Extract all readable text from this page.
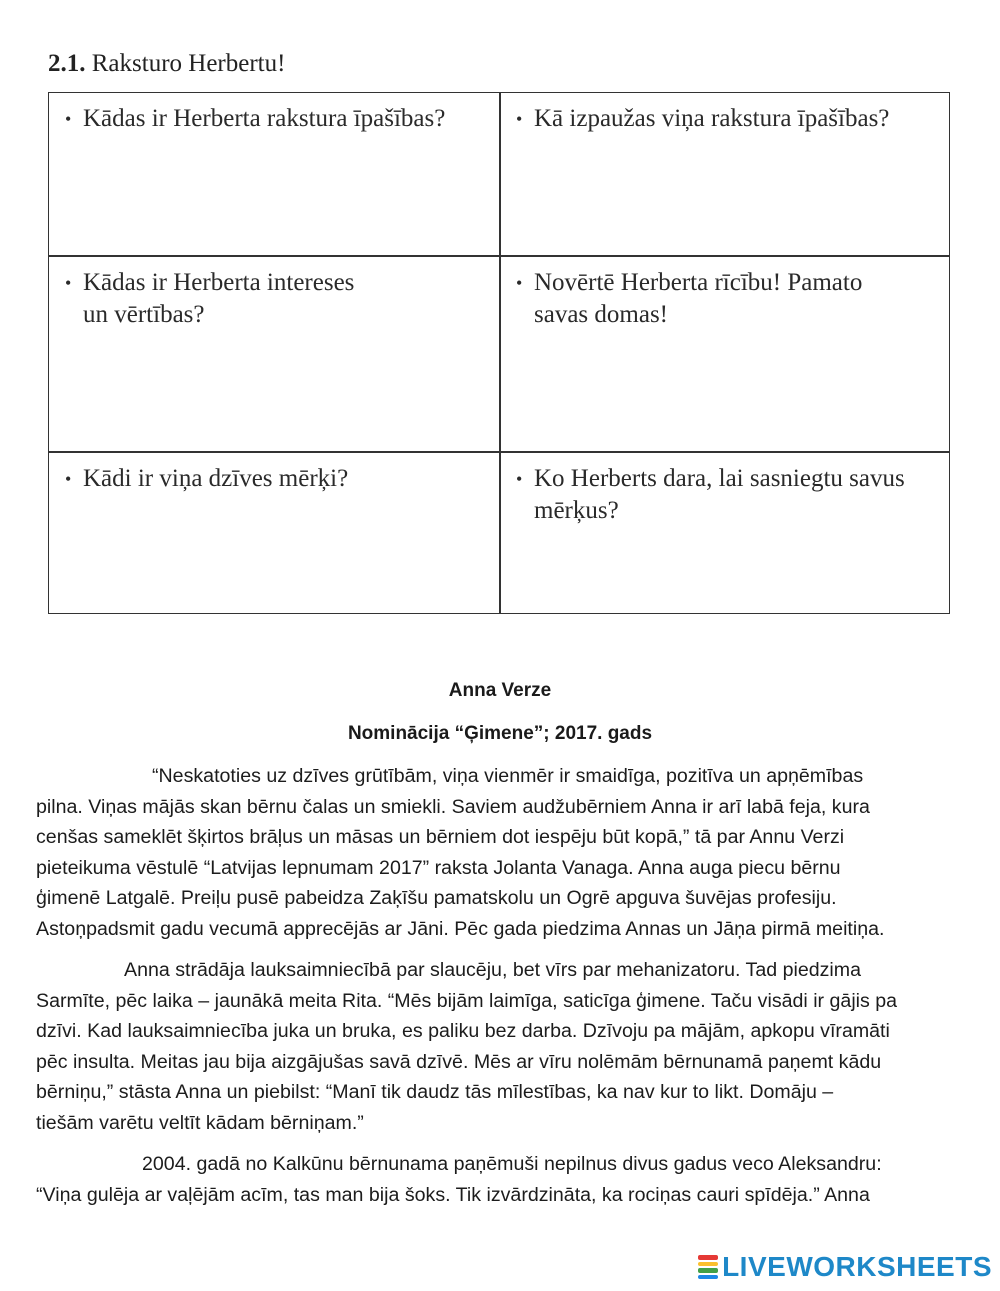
2.1. Raksturo Herbertu!
• Kādas ir Herberta rakstura īpašības?	• Kā izpaužas viņa rakstura īpašības?
• Kādas ir Herberta intereses
un vērtības?
• Novērtē Herberta rīcību! Pamato
savas domas!
• Kādi ir viņa dzīves mērķi?	• Ko Herberts dara, lai sasniegtu savus
mērķus?
Anna Verze
Nominācija “Ģimene”; 2017. gads
“Neskatoties uz dzīves grūtībām, viņa vienmēr ir smaidīga, pozitīva un apņēmības
pilna. Viņas mājās skan bērnu čalas un smiekli. Saviem audžubērniem Anna ir arī labā feja, kura
cenšas sameklēt šķirtos brāļus un māsas un bērniem dot iespēju būt kopā,” tā par Annu Verzi
pieteikuma vēstulē “Latvijas lepnumam 2017” raksta Jolanta Vanaga. Anna auga piecu bērnu
ģimenē Latgalē. Preiļu pusē pabeidza Zaķīšu pamatskolu un Ogrē apguva šuvējas profesiju.
Astoņpadsmit gadu vecumā apprecējās ar Jāni. Pēc gada piedzima Annas un Jāņa pirmā meitiņa.
Anna strādāja lauksaimniecībā par slaucēju, bet vīrs par mehanizatoru. Tad piedzima
Sarmīte, pēc laika – jaunākā meita Rita. “Mēs bijām laimīga, saticīga ģimene. Taču visādi ir gājis pa
dzīvi. Kad lauksaimniecība juka un bruka, es paliku bez darba. Dzīvoju pa mājām, apkopu vīramāti
pēc insulta. Meitas jau bija aizgājušas savā dzīvē. Mēs ar vīru nolēmām bērnunamā paņemt kādu
bērniņu,” stāsta Anna un piebilst: “Manī tik daudz tās mīlestības, ka nav kur to likt. Domāju –
tiešām varētu veltīt kādam bērniņam.”
2004. gadā no Kalkūnu bērnunama paņēmuši nepilnus divus gadus veco Aleksandru:
“Viņa gulēja ar vaļējām acīm, tas man bija šoks. Tik izvārdzināta, ka rociņas cauri spīdēja.” Anna
LIVEWORKSHEETS
